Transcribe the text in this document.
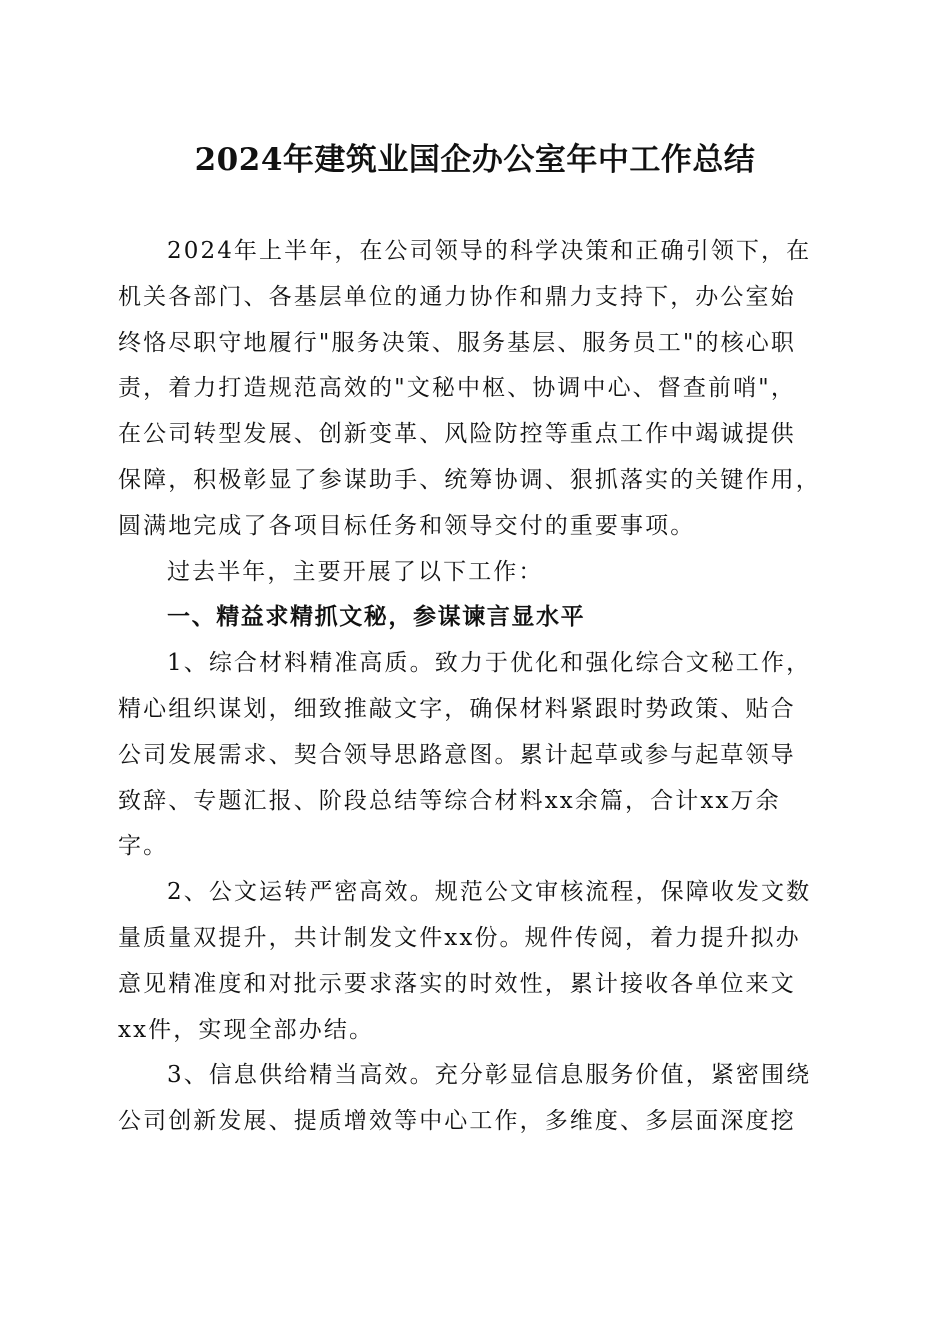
2024年建筑业国企办公室年中工作总结

2024年上半年，在公司领导的科学决策和正确引领下，在
机关各部门、各基层单位的通力协作和鼎力支持下，办公室始
终恪尽职守地履行"服务决策、服务基层、服务员工"的核心职
责，着力打造规范高效的"文秘中枢、协调中心、督查前哨"，
在公司转型发展、创新变革、风险防控等重点工作中竭诚提供
保障，积极彰显了参谋助手、统筹协调、狠抓落实的关键作用，
圆满地完成了各项目标任务和领导交付的重要事项。

过去半年，主要开展了以下工作：

一、精益求精抓文秘，参谋谏言显水平

1、综合材料精准高质。致力于优化和强化综合文秘工作，
精心组织谋划，细致推敲文字，确保材料紧跟时势政策、贴合
公司发展需求、契合领导思路意图。累计起草或参与起草领导
致辞、专题汇报、阶段总结等综合材料xx余篇，合计xx万余
字。

2、公文运转严密高效。规范公文审核流程，保障收发文数
量质量双提升，共计制发文件xx份。规件传阅，着力提升拟办
意见精准度和对批示要求落实的时效性，累计接收各单位来文
xx件，实现全部办结。

3、信息供给精当高效。充分彰显信息服务价值，紧密围绕
公司创新发展、提质增效等中心工作，多维度、多层面深度挖
